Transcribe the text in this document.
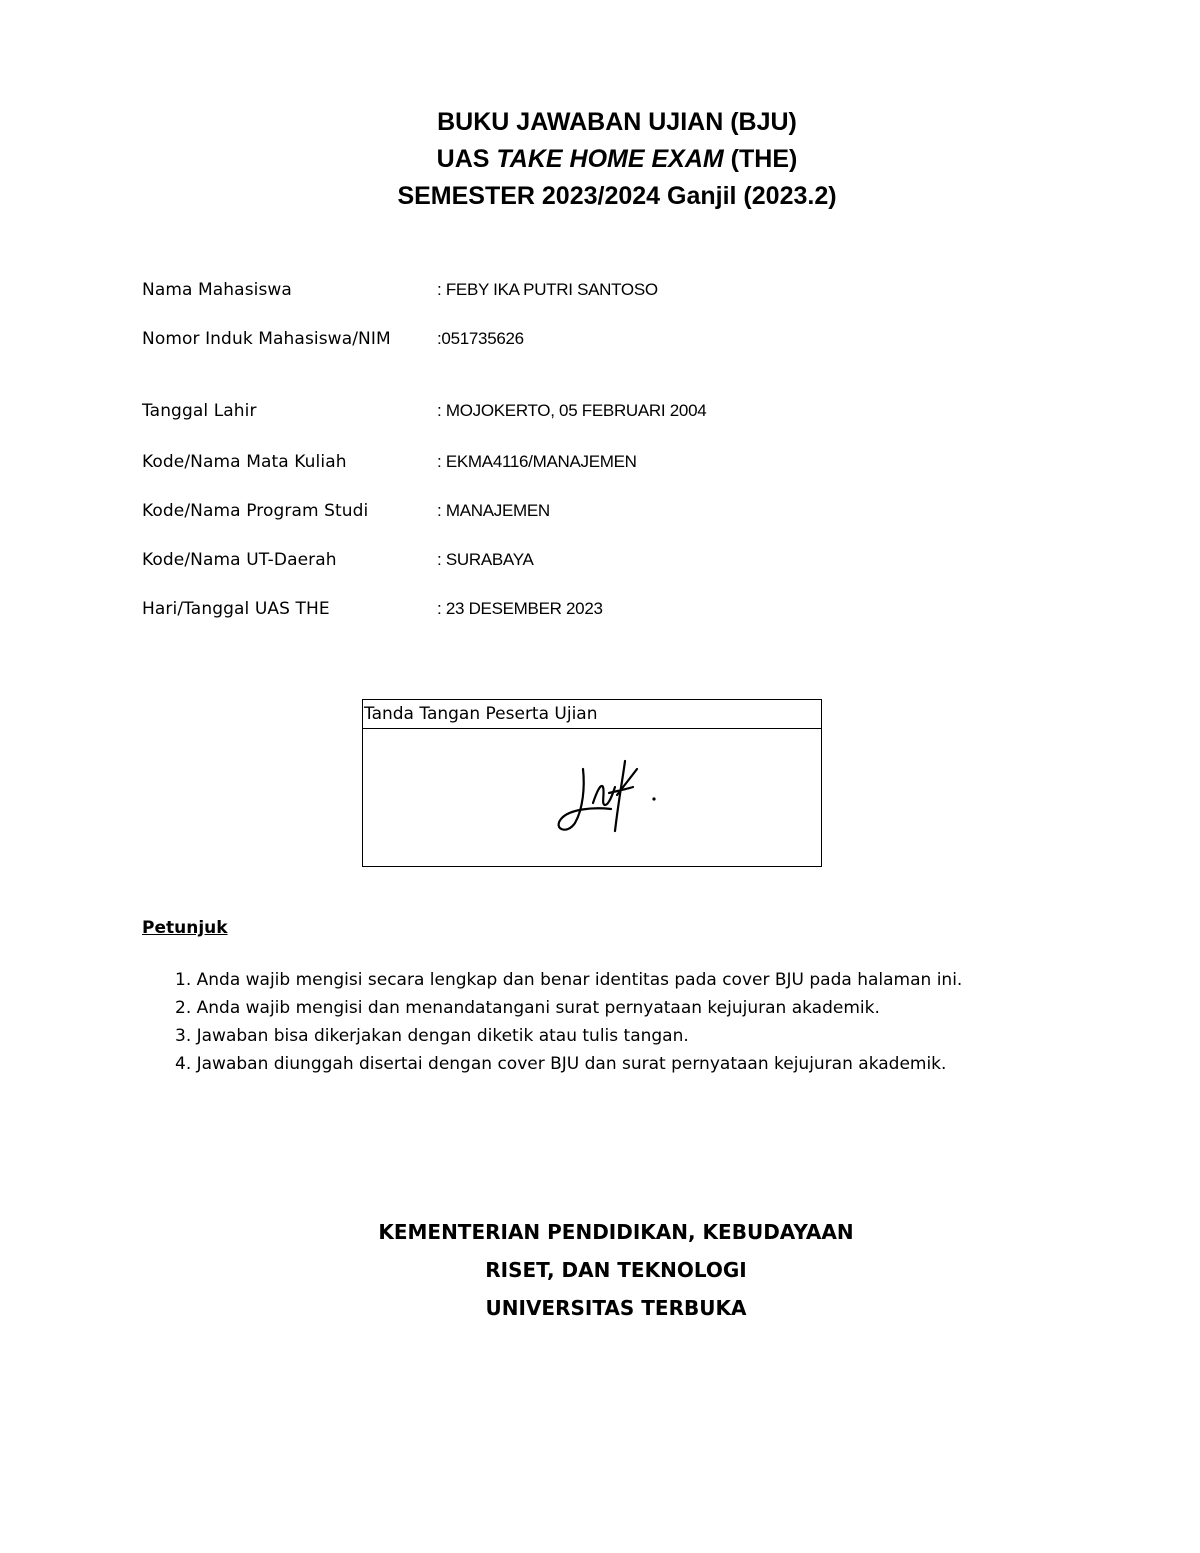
BUKU JAWABAN UJIAN (BJU)
UAS TAKE HOME EXAM (THE)
SEMESTER 2023/2024 Ganjil (2023.2)
Nama Mahasiswa	: FEBY IKA PUTRI SANTOSO
Nomor Induk Mahasiswa/NIM	:051735626
Tanggal Lahir	: MOJOKERTO, 05 FEBRUARI 2004
Kode/Nama Mata Kuliah	: EKMA4116/MANAJEMEN
Kode/Nama Program Studi	: MANAJEMEN
Kode/Nama UT-Daerah	: SURABAYA
Hari/Tanggal UAS THE	: 23 DESEMBER 2023
Tanda Tangan Peserta Ujian
Petunjuk
1. Anda wajib mengisi secara lengkap dan benar identitas pada cover BJU pada halaman ini.
2. Anda wajib mengisi dan menandatangani surat pernyataan kejujuran akademik.
3. Jawaban bisa dikerjakan dengan diketik atau tulis tangan.
4. Jawaban diunggah disertai dengan cover BJU dan surat pernyataan kejujuran akademik.
KEMENTERIAN PENDIDIKAN, KEBUDAYAAN
RISET, DAN TEKNOLOGI
UNIVERSITAS TERBUKA
